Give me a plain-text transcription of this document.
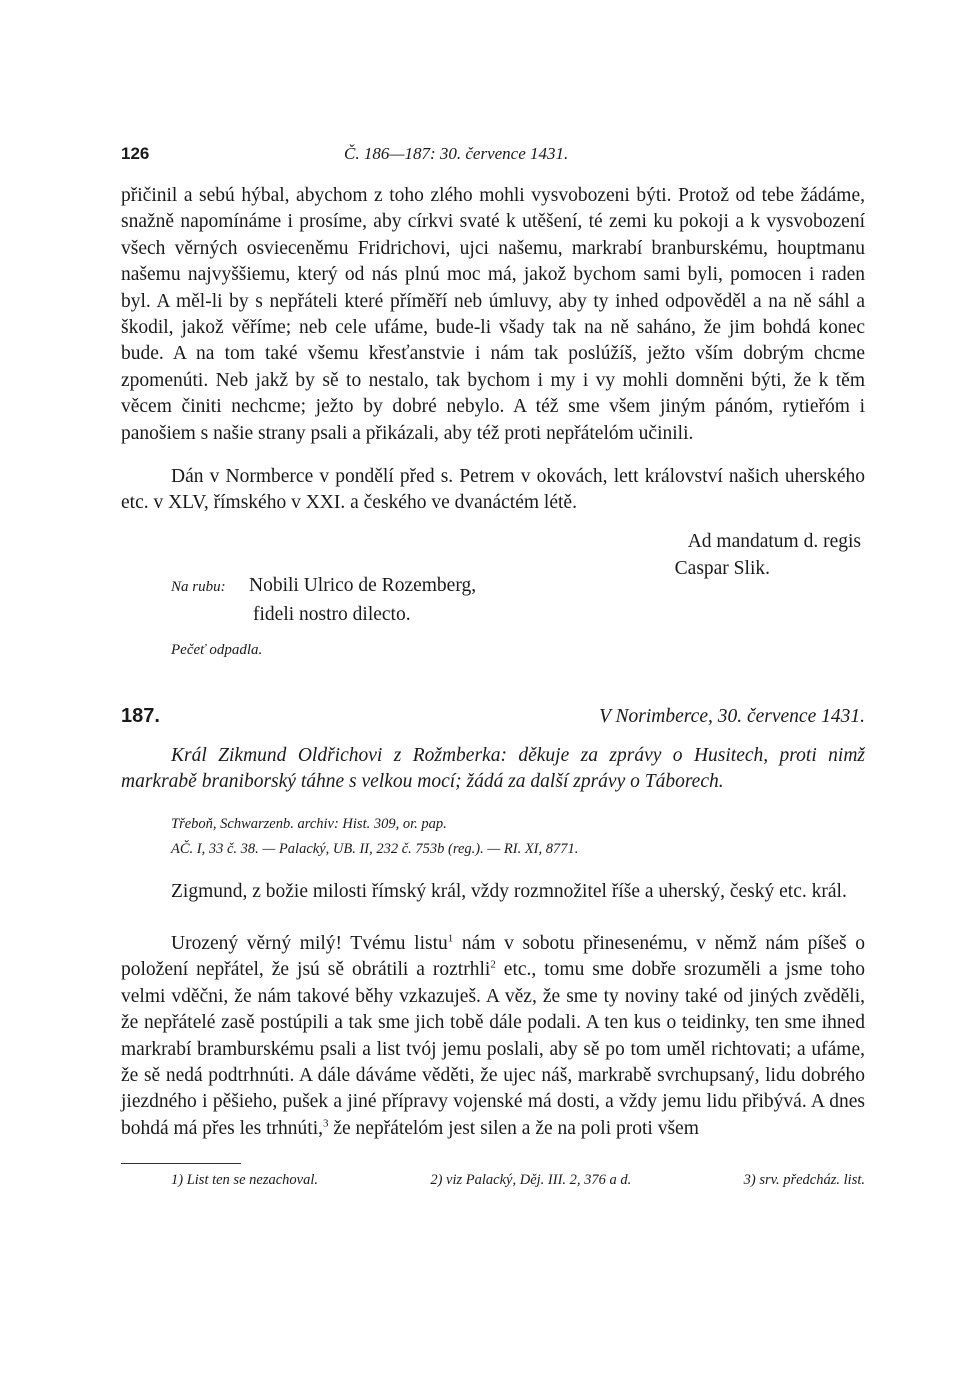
126	Č. 186—187: 30. července 1431.

přičinil a sebú hýbal, abychom z toho zlého mohli vysvobozeni býti. Protož od tebe žádáme, snažně napomínáme i prosíme, aby církvi svaté k utěšení, té zemi ku pokoji a k vysvobození všech věrných osvieceněmu Fridrichovi, ujci našemu, markrabí branburskému, houptmanu našemu najvyššiemu, který od nás plnú moc má, jakož bychom sami byli, pomocen i raden byl. A měl-li by s nepřáteli které příměří neb úmluvy, aby ty inhed odpověděl a na ně sáhl a škodil, jakož věříme; neb cele ufáme, bude-li všady tak na ně saháno, že jim bohdá konec bude. A na tom také všemu křesťanstvie i nám tak poslúžíš, ježto vším dobrým chcme zpomenúti. Neb jakž by sě to nestalo, tak bychom i my i vy mohli domněni býti, že k těm věcem činiti nechcme; ježto by dobré nebylo. A též sme všem jiným pánóm, rytieřóm i panošiem s našie strany psali a přikázali, aby též proti nepřátelóm učinili.

Dán v Normberce v pondělí před s. Petrem v okovách, lett království našich uherského etc. v XLV, římského v XXI. a českého ve dvanáctém létě.

Ad mandatum d. regis
Caspar Slik.
Na rubu: Nobili Ulrico de Rozemberg,
fideli nostro dilecto.
Pečeť odpadla.
187.	V Norimberce, 30. července 1431.
Král Zikmund Oldřichovi z Rožmberka: děkuje za zprávy o Husitech, proti nimž markrabě braniborský táhne s velkou mocí; žádá za další zprávy o Táborech.
Třeboň, Schwarzenb. archiv: Hist. 309, or. pap.
AČ. I, 33 č. 38. — Palacký, UB. II, 232 č. 753b (reg.). — RI. XI, 8771.

Zigmund, z božie milosti římský král, vždy rozmnožitel říše a uherský, český etc. král.

Urozený věrný milý! Tvému listu$^1$ nám v sobotu přinesenému, v němž nám píšeš o položení nepřátel, že jsú sě obrátili a roztrhli$^2$ etc., tomu sme dobře srozuměli a jsme toho velmi vděčni, že nám takové běhy vzkazuješ. A věz, že sme ty noviny také od jiných zvěděli, že nepřátelé zasě postúpili a tak sme jich tobě dále podali. A ten kus o teidinky, ten sme ihned markrabí bramburskému psali a list tvój jemu poslali, aby sě po tom uměl richtovati; a ufáme, že sě nedá podtrhnúti. A dále dáváme věděti, že ujec náš, markrabě svrchupsaný, lidu dobrého jiezdného i pěšieho, pušek a jiné přípravy vojenské má dosti, a vždy jemu lidu přibývá. A dnes bohdá má přes les trhnúti,$^3$ že nepřátelóm jest silen a že na poli proti všem

1) List ten se nezachoval.	2) viz Palacký, Děj. III. 2, 376 a d.	3) srv. předcház. list.
